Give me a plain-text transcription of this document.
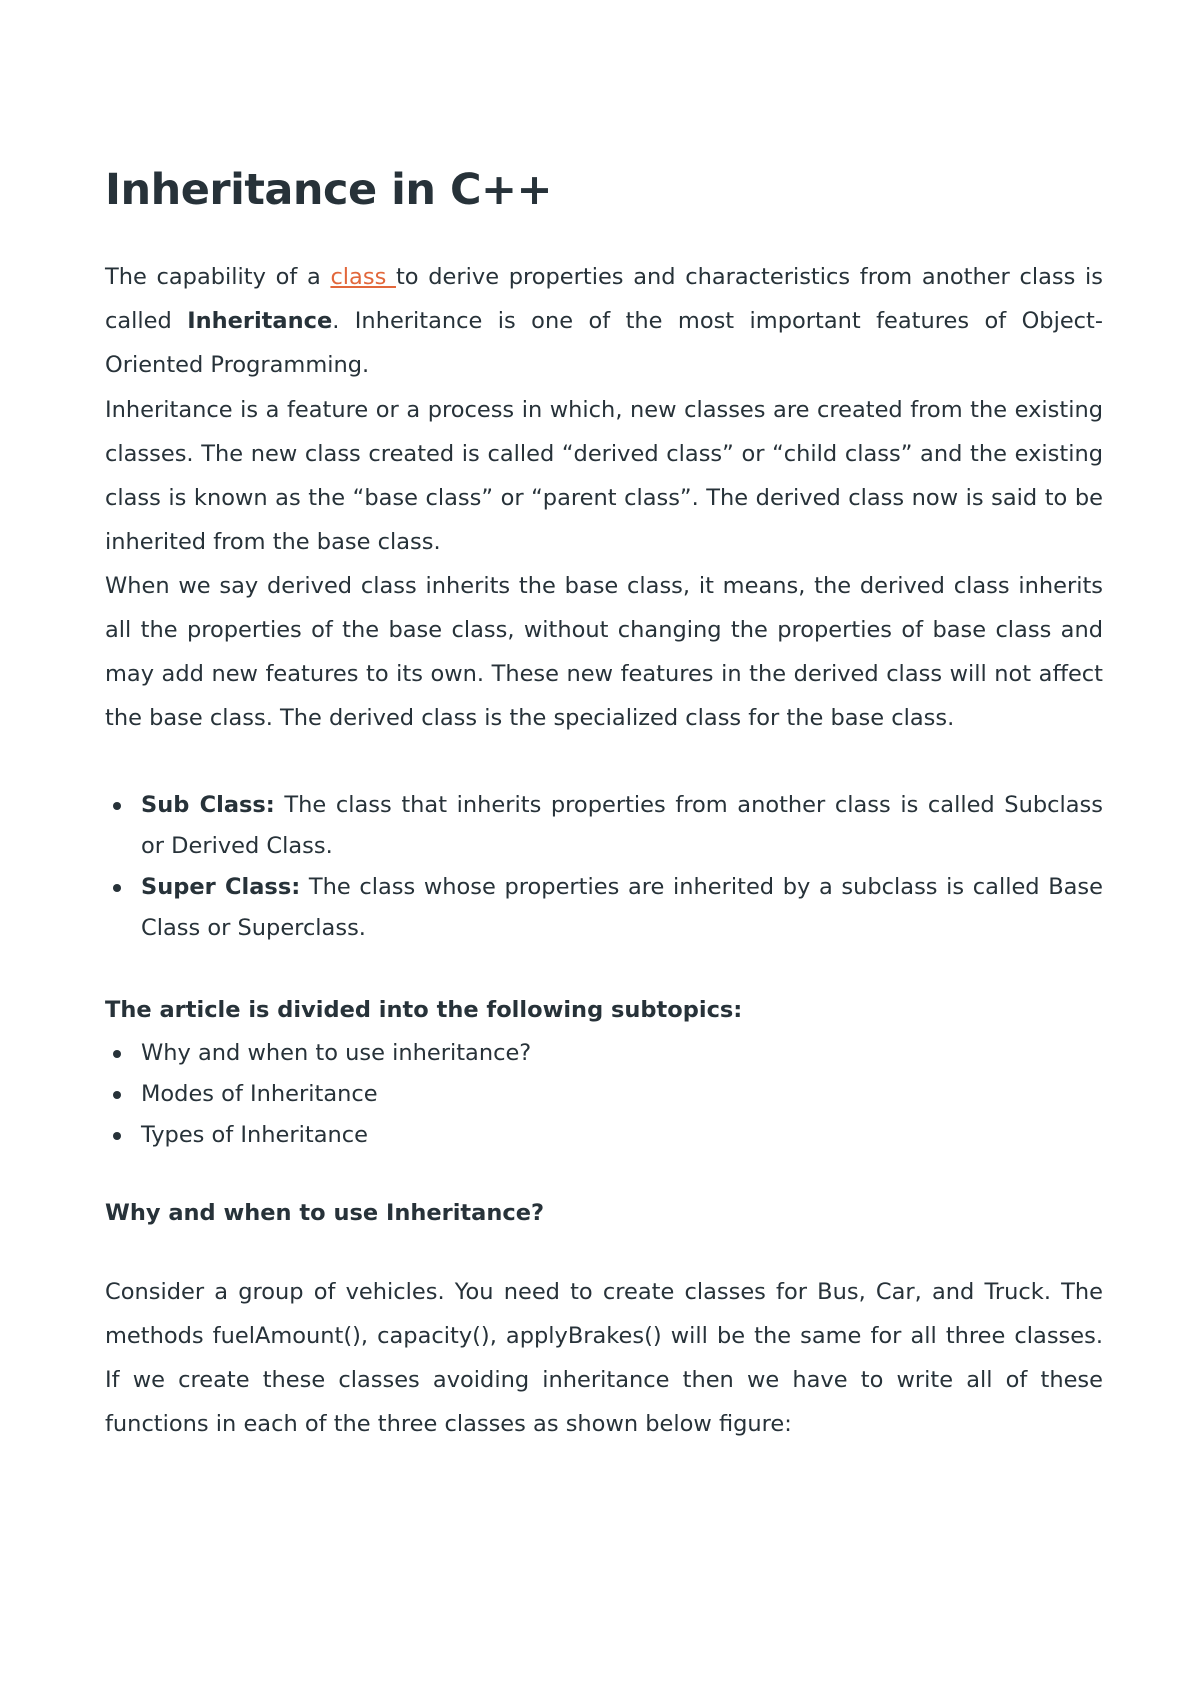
Inheritance in C++

The capability of a class to derive properties and characteristics from another class is called Inheritance. Inheritance is one of the most important features of Object-Oriented Programming.

Inheritance is a feature or a process in which, new classes are created from the existing classes. The new class created is called “derived class” or “child class” and the existing class is known as the “base class” or “parent class”. The derived class now is said to be inherited from the base class.

When we say derived class inherits the base class, it means, the derived class inherits all the properties of the base class, without changing the properties of base class and may add new features to its own. These new features in the derived class will not affect the base class. The derived class is the specialized class for the base class.

Sub Class: The class that inherits properties from another class is called Subclass or Derived Class.
Super Class: The class whose properties are inherited by a subclass is called Base Class or Superclass.
The article is divided into the following subtopics:
Why and when to use inheritance?
Modes of Inheritance
Types of Inheritance
Why and when to use Inheritance?

Consider a group of vehicles. You need to create classes for Bus, Car, and Truck. The methods fuelAmount(), capacity(), applyBrakes() will be the same for all three classes. If we create these classes avoiding inheritance then we have to write all of these functions in each of the three classes as shown below figure:
